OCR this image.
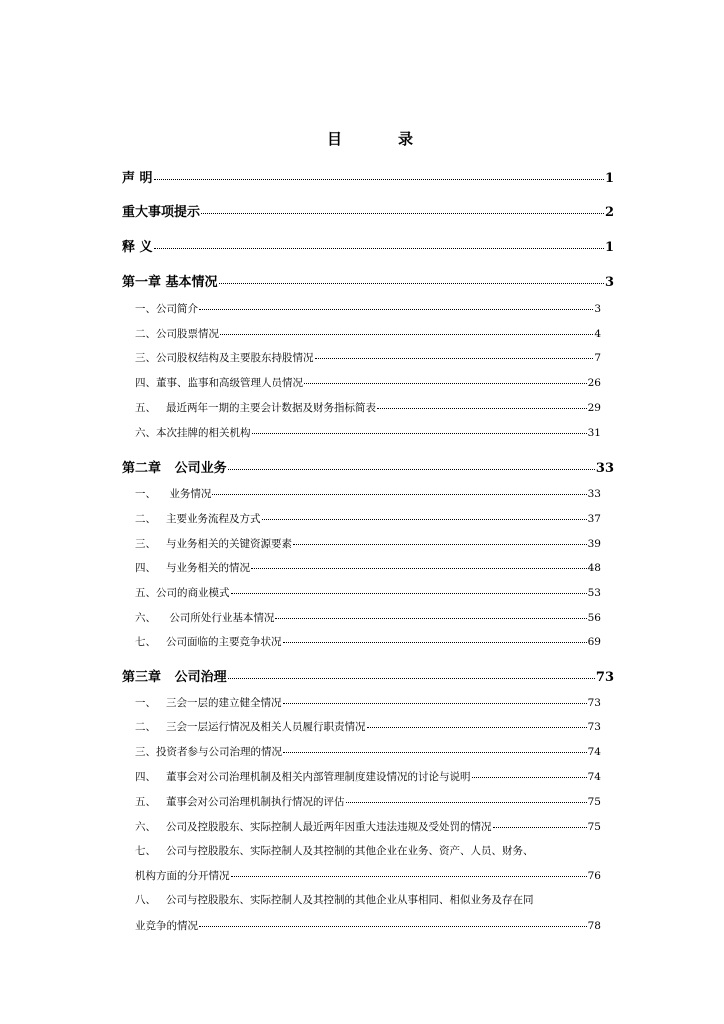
目	录
声 明	1
重大事项提示	2
释 义	1
第一章 基本情况	3
一、公司简介	3
二、公司股票情况	4
三、公司股权结构及主要股东持股情况	7
四、董事、监事和高级管理人员情况	26
五、   最近两年一期的主要会计数据及财务指标简表	29
六、本次挂牌的相关机构	31
第二章   公司业务	33
一、    业务情况	33
二、   主要业务流程及方式	37
三、   与业务相关的关键资源要素	39
四、   与业务相关的情况	48
五、公司的商业模式	53
六、    公司所处行业基本情况	56
七、   公司面临的主要竞争状况	69
第三章   公司治理	73
一、   三会一层的建立健全情况	73
二、   三会一层运行情况及相关人员履行职责情况	73
三、投资者参与公司治理的情况	74
四、   董事会对公司治理机制及相关内部管理制度建设情况的讨论与说明	74
五、   董事会对公司治理机制执行情况的评估	75
六、   公司及控股股东、实际控制人最近两年因重大违法违规及受处罚的情况	75
七、   公司与控股股东、实际控制人及其控制的其他企业在业务、资产、人员、财务、
机构方面的分开情况	76
八、   公司与控股股东、实际控制人及其控制的其他企业从事相同、相似业务及存在同
业竞争的情况	78
